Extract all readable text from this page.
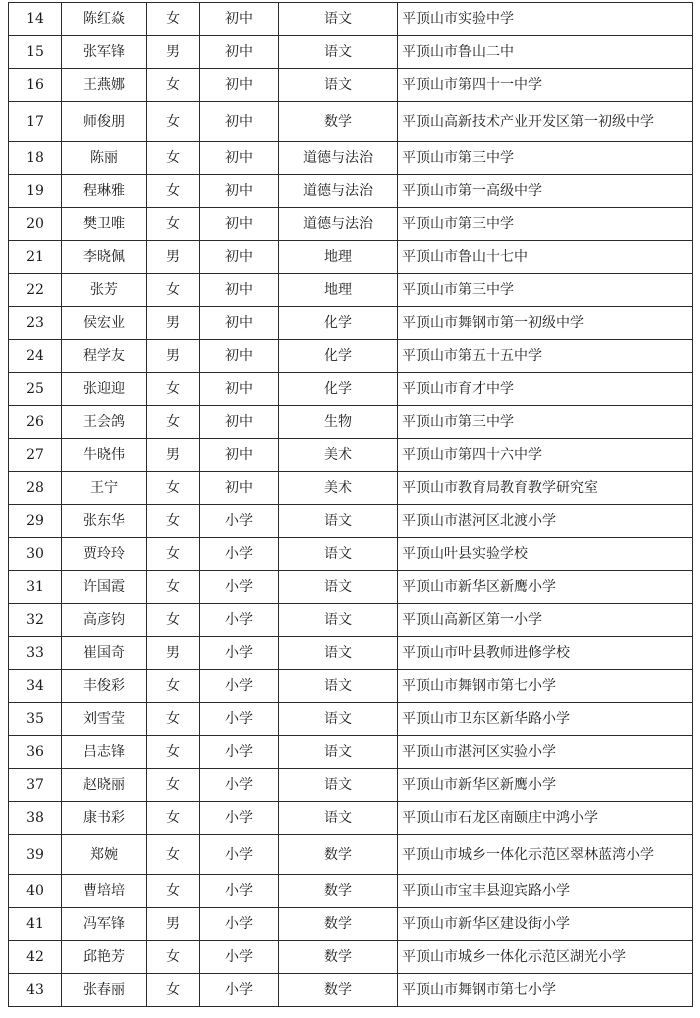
14	陈红焱	女	初中	语文	平顶山市实验中学
15	张军锋	男	初中	语文	平顶山市鲁山二中
16	王燕娜	女	初中	语文	平顶山市第四十一中学
17	师俊朋	女	初中	数学	平顶山高新技术产业开发区第一初级中学
18	陈丽	女	初中	道德与法治	平顶山市第三中学
19	程琳雅	女	初中	道德与法治	平顶山市第一高级中学
20	樊卫唯	女	初中	道德与法治	平顶山市第三中学
21	李晓佩	男	初中	地理	平顶山市鲁山十七中
22	张芳	女	初中	地理	平顶山市第三中学
23	侯宏业	男	初中	化学	平顶山市舞钢市第一初级中学
24	程学友	男	初中	化学	平顶山市第五十五中学
25	张迎迎	女	初中	化学	平顶山市育才中学
26	王会鸽	女	初中	生物	平顶山市第三中学
27	牛晓伟	男	初中	美术	平顶山市第四十六中学
28	王宁	女	初中	美术	平顶山市教育局教育教学研究室
29	张东华	女	小学	语文	平顶山市湛河区北渡小学
30	贾玲玲	女	小学	语文	平顶山叶县实验学校
31	许国霞	女	小学	语文	平顶山市新华区新鹰小学
32	高彦钧	女	小学	语文	平顶山高新区第一小学
33	崔国奇	男	小学	语文	平顶山市叶县教师进修学校
34	丰俊彩	女	小学	语文	平顶山市舞钢市第七小学
35	刘雪莹	女	小学	语文	平顶山市卫东区新华路小学
36	吕志锋	女	小学	语文	平顶山市湛河区实验小学
37	赵晓丽	女	小学	语文	平顶山市新华区新鹰小学
38	康书彩	女	小学	语文	平顶山市石龙区南颐庄中鸿小学
39	郑婉	女	小学	数学	平顶山市城乡一体化示范区翠林蓝湾小学
40	曹培培	女	小学	数学	平顶山市宝丰县迎宾路小学
41	冯军锋	男	小学	数学	平顶山市新华区建设街小学
42	邱艳芳	女	小学	数学	平顶山市城乡一体化示范区湖光小学
43	张春丽	女	小学	数学	平顶山市舞钢市第七小学
